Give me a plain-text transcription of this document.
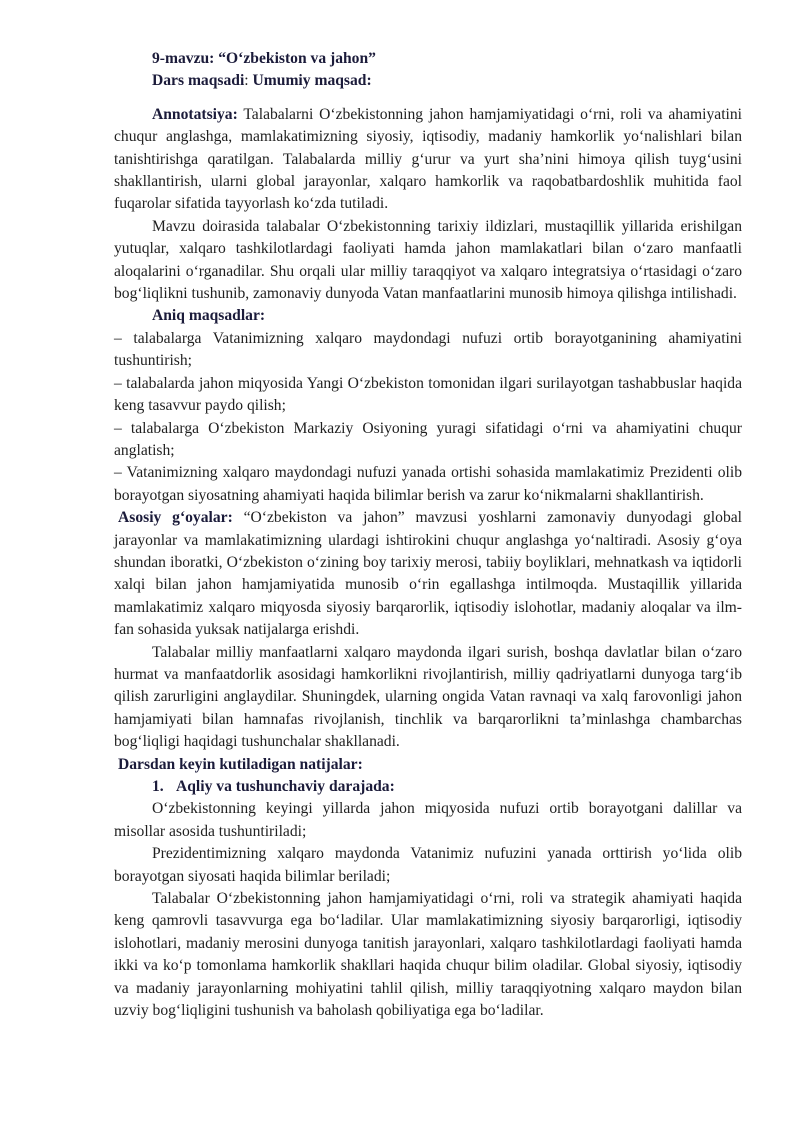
9-mavzu: “O‘zbekiston va jahon”

Dars maqsadi: Umumiy maqsad:

Annotatsiya: Talabalarni O‘zbekistonning jahon hamjamiyatidagi o‘rni, roli va ahamiyatini chuqur anglashga, mamlakatimizning siyosiy, iqtisodiy, madaniy hamkorlik yo‘nalishlari bilan tanishtirishga qaratilgan. Talabalarda milliy g‘urur va yurt sha’nini himoya qilish tuyg‘usini shakllantirish, ularni global jarayonlar, xalqaro hamkorlik va raqobatbardoshlik muhitida faol fuqarolar sifatida tayyorlash ko‘zda tutiladi.

Mavzu doirasida talabalar O‘zbekistonning tarixiy ildizlari, mustaqillik yillarida erishilgan yutuqlar, xalqaro tashkilotlardagi faoliyati hamda jahon mamlakatlari bilan o‘zaro manfaatli aloqalarini o‘rganadilar. Shu orqali ular milliy taraqqiyot va xalqaro integratsiya o‘rtasidagi o‘zaro bog‘liqlikni tushunib, zamonaviy dunyoda Vatan manfaatlarini munosib himoya qilishga intilishadi.

Aniq maqsadlar:

– talabalarga Vatanimizning xalqaro maydondagi nufuzi ortib borayotganining ahamiyatini tushuntirish;

– talabalarda jahon miqyosida Yangi O‘zbekiston tomonidan ilgari surilayotgan tashabbuslar haqida keng tasavvur paydo qilish;

– talabalarga O‘zbekiston Markaziy Osiyoning yuragi sifatidagi o‘rni va ahamiyatini chuqur anglatish;

– Vatanimizning xalqaro maydondagi nufuzi yanada ortishi sohasida mamlakatimiz Prezidenti olib borayotgan siyosatning ahamiyati haqida bilimlar berish va zarur ko‘nikmalarni shakllantirish.

Asosiy g‘oyalar: “O‘zbekiston va jahon” mavzusi yoshlarni zamonaviy dunyodagi global jarayonlar va mamlakatimizning ulardagi ishtirokini chuqur anglashga yo‘naltiradi. Asosiy g‘oya shundan iboratki, O‘zbekiston o‘zining boy tarixiy merosi, tabiiy boyliklari, mehnatkash va iqtidorli xalqi bilan jahon hamjamiyatida munosib o‘rin egallashga intilmoqda. Mustaqillik yillarida mamlakatimiz xalqaro miqyosda siyosiy barqarorlik, iqtisodiy islohotlar, madaniy aloqalar va ilm-fan sohasida yuksak natijalarga erishdi.

Talabalar milliy manfaatlarni xalqaro maydonda ilgari surish, boshqa davlatlar bilan o‘zaro hurmat va manfaatdorlik asosidagi hamkorlikni rivojlantirish, milliy qadriyatlarni dunyoga targ‘ib qilish zarurligini anglaydilar. Shuningdek, ularning ongida Vatan ravnaqi va xalq farovonligi jahon hamjamiyati bilan hamnafas rivojlanish, tinchlik va barqarorlikni ta’minlashga chambarchas bog‘liqligi haqidagi tushunchalar shakllanadi.

Darsdan keyin kutiladigan natijalar:

1. Aqliy va tushunchaviy darajada:

O‘zbekistonning keyingi yillarda jahon miqyosida nufuzi ortib borayotgani dalillar va misollar asosida tushuntiriladi;

Prezidentimizning xalqaro maydonda Vatanimiz nufuzini yanada orttirish yo‘lida olib borayotgan siyosati haqida bilimlar beriladi;

Talabalar O‘zbekistonning jahon hamjamiyatidagi o‘rni, roli va strategik ahamiyati haqida keng qamrovli tasavvurga ega bo‘ladilar. Ular mamlakatimizning siyosiy barqarorligi, iqtisodiy islohotlari, madaniy merosini dunyoga tanitish jarayonlari, xalqaro tashkilotlardagi faoliyati hamda ikki va ko‘p tomonlama hamkorlik shakllari haqida chuqur bilim oladilar. Global siyosiy, iqtisodiy va madaniy jarayonlarning mohiyatini tahlil qilish, milliy taraqqiyotning xalqaro maydon bilan uzviy bog‘liqligini tushunish va baholash qobiliyatiga ega bo‘ladilar.
